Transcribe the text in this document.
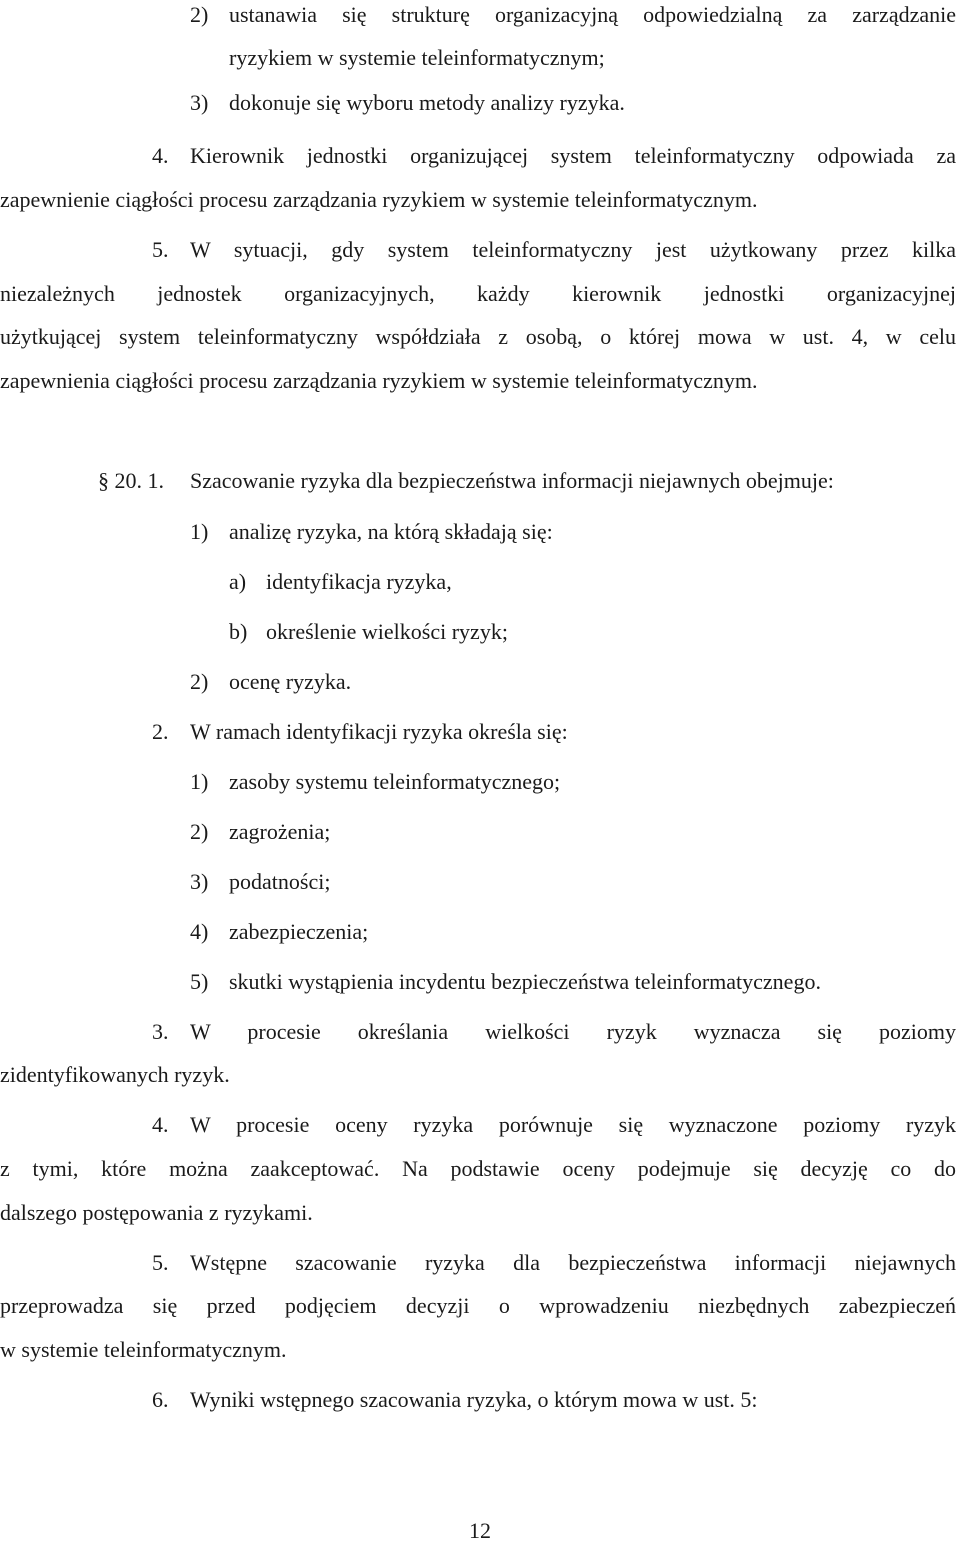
2) ustanawia się strukturę organizacyjną odpowiedzialną za zarządzanie
ryzykiem w systemie teleinformatycznym;
3) dokonuje się wyboru metody analizy ryzyka.
4. Kierownik jednostki organizującej system teleinformatyczny odpowiada za
zapewnienie ciągłości procesu zarządzania ryzykiem w systemie teleinformatycznym.
5. W sytuacji, gdy system teleinformatyczny jest użytkowany przez kilka
niezależnych jednostek organizacyjnych, każdy kierownik jednostki organizacyjnej
użytkującej system teleinformatyczny współdziała z osobą, o której mowa w ust. 4, w celu
zapewnienia ciągłości procesu zarządzania ryzykiem w systemie teleinformatycznym.
§ 20. 1. Szacowanie ryzyka dla bezpieczeństwa informacji niejawnych obejmuje:
1) analizę ryzyka, na którą składają się:
a) identyfikacja ryzyka,
b) określenie wielkości ryzyk;
2) ocenę ryzyka.
2. W ramach identyfikacji ryzyka określa się:
1) zasoby systemu teleinformatycznego;
2) zagrożenia;
3) podatności;
4) zabezpieczenia;
5) skutki wystąpienia incydentu bezpieczeństwa teleinformatycznego.
3. W procesie określania wielkości ryzyk wyznacza się poziomy
zidentyfikowanych ryzyk.
4. W procesie oceny ryzyka porównuje się wyznaczone poziomy ryzyk
z tymi, które można zaakceptować. Na podstawie oceny podejmuje się decyzję co do
dalszego postępowania z ryzykami.
5. Wstępne szacowanie ryzyka dla bezpieczeństwa informacji niejawnych
przeprowadza się przed podjęciem decyzji o wprowadzeniu niezbędnych zabezpieczeń
w systemie teleinformatycznym.
6. Wyniki wstępnego szacowania ryzyka, o którym mowa w ust. 5:
12
